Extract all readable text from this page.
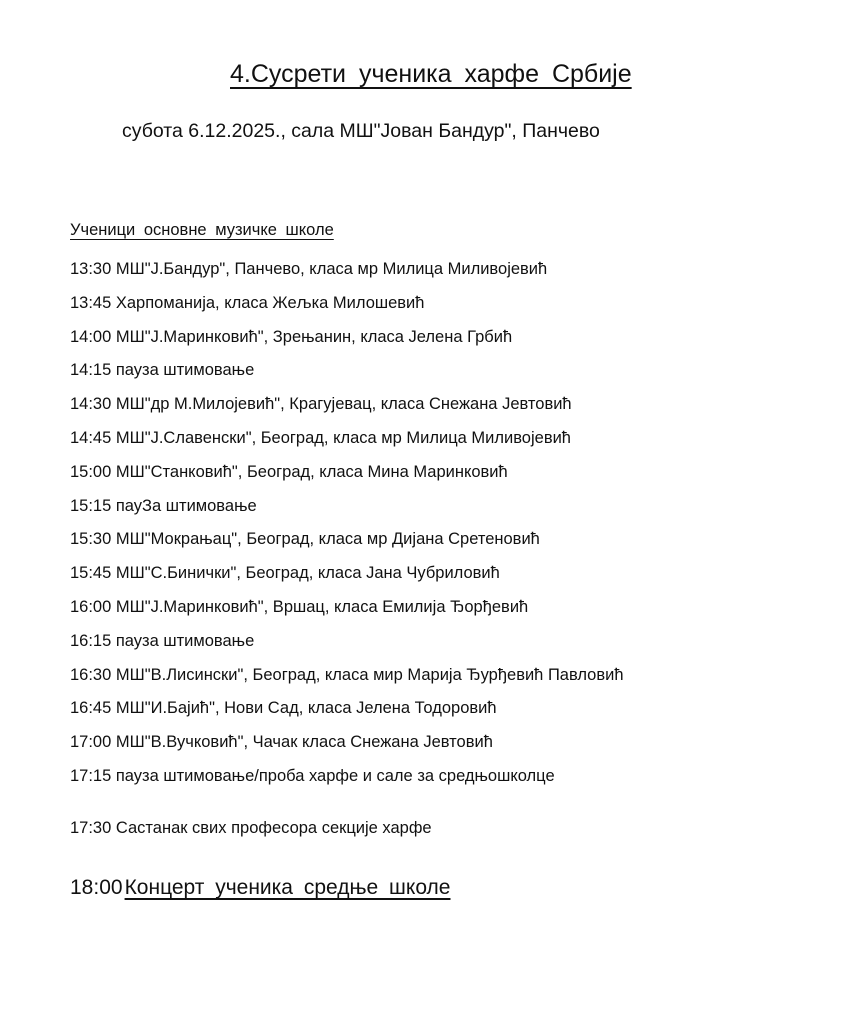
4.Сусрети ученика харфе Србије
субота 6.12.2025., сала МШ"Јован Бандур", Панчево
Ученици основне музичке школе
13:30 МШ"Ј.Бандур", Панчево, класа мр Милица Миливојевић
13:45 Харпоманија, класа Жељка Милошевић
14:00 МШ"Ј.Маринковић", Зрењанин, класа Јелена Грбић
14:15 пауза штимовање
14:30 МШ"др М.Милојевић", Крагујевац, класа Снежана Јевтовић
14:45 МШ"Ј.Славенски", Београд, класа мр Милица Миливојевић
15:00 МШ"Станковић", Београд, класа Мина Маринковић
15:15 пауЗа штимовање
15:30 МШ"Мокрањац", Београд, класа мр Дијана Сретеновић
15:45 МШ"С.Бинички", Београд, класа Јана Чубриловић
16:00 МШ"Ј.Маринковић", Вршац, класа Емилија Ђорђевић
16:15 пауза штимовање
16:30 МШ"В.Лисински", Београд, класа мир Марија Ђурђевић Павловић
16:45 МШ"И.Бајић", Нови Сад, класа Јелена Тодоровић
17:00 МШ"В.Вучковић", Чачак класа Снежана Јевтовић
17:15 пауза штимовање/проба харфе и сале за средњошколце
17:30 Састанак свих професора секције харфе
18:00Концерт ученика средње школе
